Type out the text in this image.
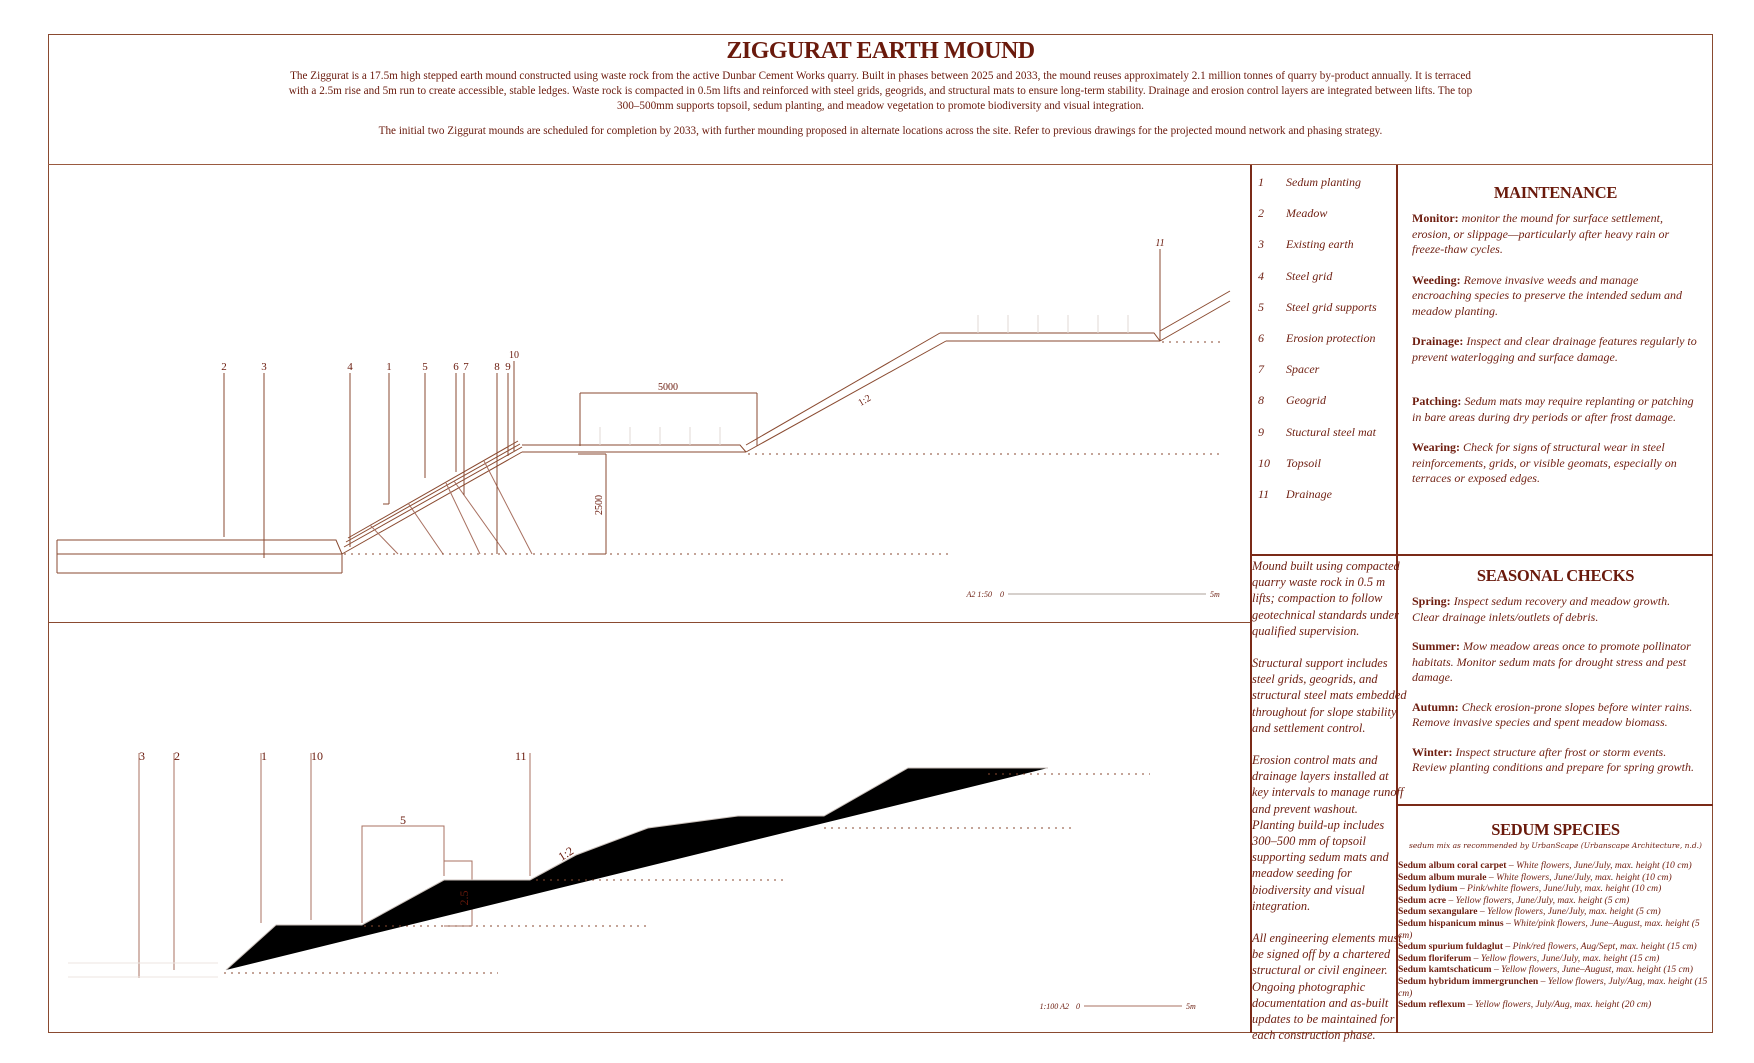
ZIGGURAT EARTH MOUND
The Ziggurat is a 17.5m high stepped earth mound constructed using waste rock from the active Dunbar Cement Works quarry. Built in phases between 2025 and 2033, the mound reuses approximately 2.1 million tonnes of quarry by-product annually. It is terraced with a 2.5m rise and 5m run to create accessible, stable ledges. Waste rock is compacted in 0.5m lifts and reinforced with steel grids, geogrids, and structural mats to ensure long-term stability. Drainage and erosion control layers are integrated between lifts. The top 300–500mm supports topsoil, sedum planting, and meadow vegetation to promote biodiversity and visual integration.
The initial two Ziggurat mounds are scheduled for completion by 2033, with further mounding proposed in alternate locations across the site. Refer to previous drawings for the projected mound network and phasing strategy.
2	3	4	1	5 6 7 8 9
10
11
5000
2500
1:2
A2 1:50 0	5m
3 2	1	10	11
5
2.5
1:2
1:100 A2 0	5m
1	Sedum planting
2	Meadow
3	Existing earth
4	Steel grid
5	Steel grid supports
6	Erosion protection
7	Spacer
8	Geogrid
9	Stuctural steel mat
10	Topsoil
11	Drainage

Mound built using compacted quarry waste rock in 0.5 m lifts; compaction to follow geotechnical standards under qualified supervision.

Structural support includes steel grids, geogrids, and structural steel mats embedded throughout for slope stability and settlement control.

Erosion control mats and drainage layers installed at key intervals to manage runoff and prevent washout.

Planting build-up includes 300–500 mm of topsoil supporting sedum mats and meadow seeding for biodiversity and visual integration.

All engineering elements must be signed off by a chartered structural or civil engineer. Ongoing photographic documentation and as-built updates to be maintained for each construction phase.

MAINTENANCE
Monitor: monitor the mound for surface settlement, erosion, or slippage—particularly after heavy rain or freeze-thaw cycles.
Weeding: Remove invasive weeds and manage encroaching species to preserve the intended sedum and meadow planting.
Drainage: Inspect and clear drainage features regularly to prevent waterlogging and surface damage.
Patching: Sedum mats may require replanting or patching in bare areas during dry periods or after frost damage.
Wearing: Check for signs of structural wear in steel reinforcements, grids, or visible geomats, especially on terraces or exposed edges.
SEASONAL CHECKS
Spring: Inspect sedum recovery and meadow growth. Clear drainage inlets/outlets of debris.
Summer: Mow meadow areas once to promote pollinator habitats. Monitor sedum mats for drought stress and pest damage.
Autumn: Check erosion-prone slopes before winter rains. Remove invasive species and spent meadow biomass.
Winter: Inspect structure after frost or storm events. Review planting conditions and prepare for spring growth.
SEDUM SPECIES
sedum mix as recommended by UrbanScape (Urbanscape Architecture, n.d.)
Sedum album coral carpet – White flowers, June/July, max. height (10 cm)
Sedum album murale – White flowers, June/July, max. height (10 cm)
Sedum lydium – Pink/white flowers, June/July, max. height (10 cm)
Sedum acre – Yellow flowers, June/July, max. height (5 cm)
Sedum sexangulare – Yellow flowers, June/July, max. height (5 cm)
Sedum hispanicum minus – White/pink flowers, June–August, max. height (5 cm)
Sedum spurium fuldaglut – Pink/red flowers, Aug/Sept, max. height (15 cm)
Sedum floriferum – Yellow flowers, June/July, max. height (15 cm)
Sedum kamtschaticum – Yellow flowers, June–August, max. height (15 cm)
Sedum hybridum immergrunchen – Yellow flowers, July/Aug, max. height (15 cm)
Sedum reflexum – Yellow flowers, July/Aug, max. height (20 cm)
